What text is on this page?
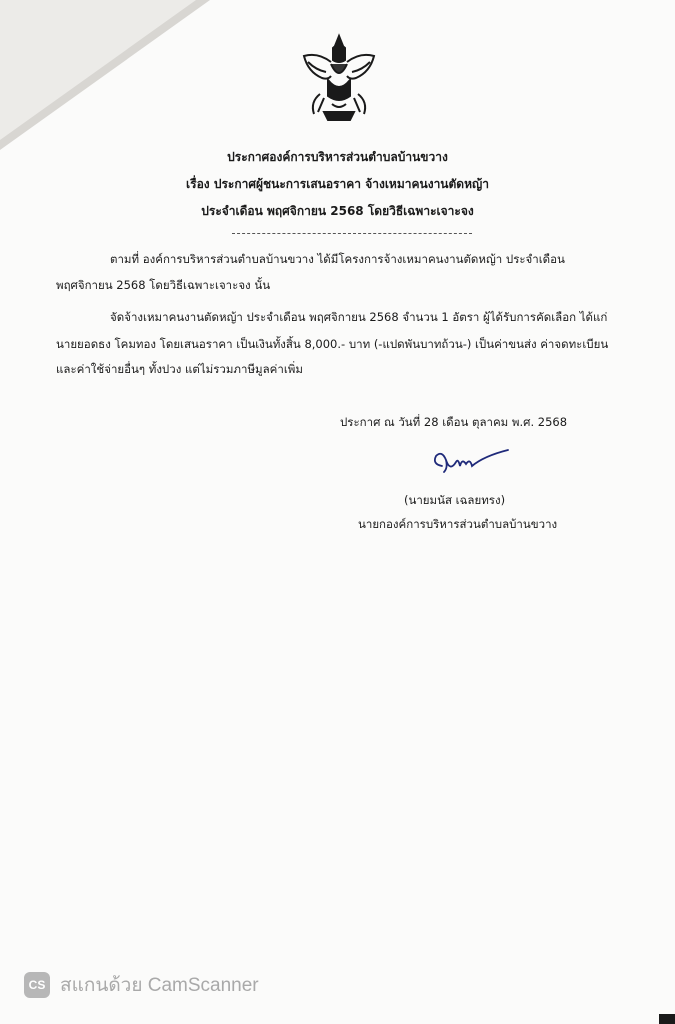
ประกาศองค์การบริหารส่วนตำบลบ้านขวาง
เรื่อง ประกาศผู้ชนะการเสนอราคา จ้างเหมาคนงานตัดหญ้า
ประจำเดือน พฤศจิกายน 2568 โดยวิธีเฉพาะเจาะจง
ตามที่ องค์การบริหารส่วนตำบลบ้านขวาง ได้มีโครงการจ้างเหมาคนงานตัดหญ้า ประจำเดือน
พฤศจิกายน 2568 โดยวิธีเฉพาะเจาะจง นั้น
จัดจ้างเหมาคนงานตัดหญ้า ประจำเดือน พฤศจิกายน 2568 จำนวน 1 อัตรา ผู้ได้รับการคัดเลือก ได้แก่
นายยอดธง โคมทอง โดยเสนอราคา เป็นเงินทั้งสิ้น 8,000.- บาท (-แปดพันบาทถ้วน-) เป็นค่าขนส่ง ค่าจดทะเบียน
และค่าใช้จ่ายอื่นๆ ทั้งปวง แต่ไม่รวมภาษีมูลค่าเพิ่ม
ประกาศ ณ วันที่ 28 เดือน ตุลาคม พ.ศ. 2568
(นายมนัส เฉลยทรง)
นายกองค์การบริหารส่วนตำบลบ้านขวาง
CS สแกนด้วย CamScanner
